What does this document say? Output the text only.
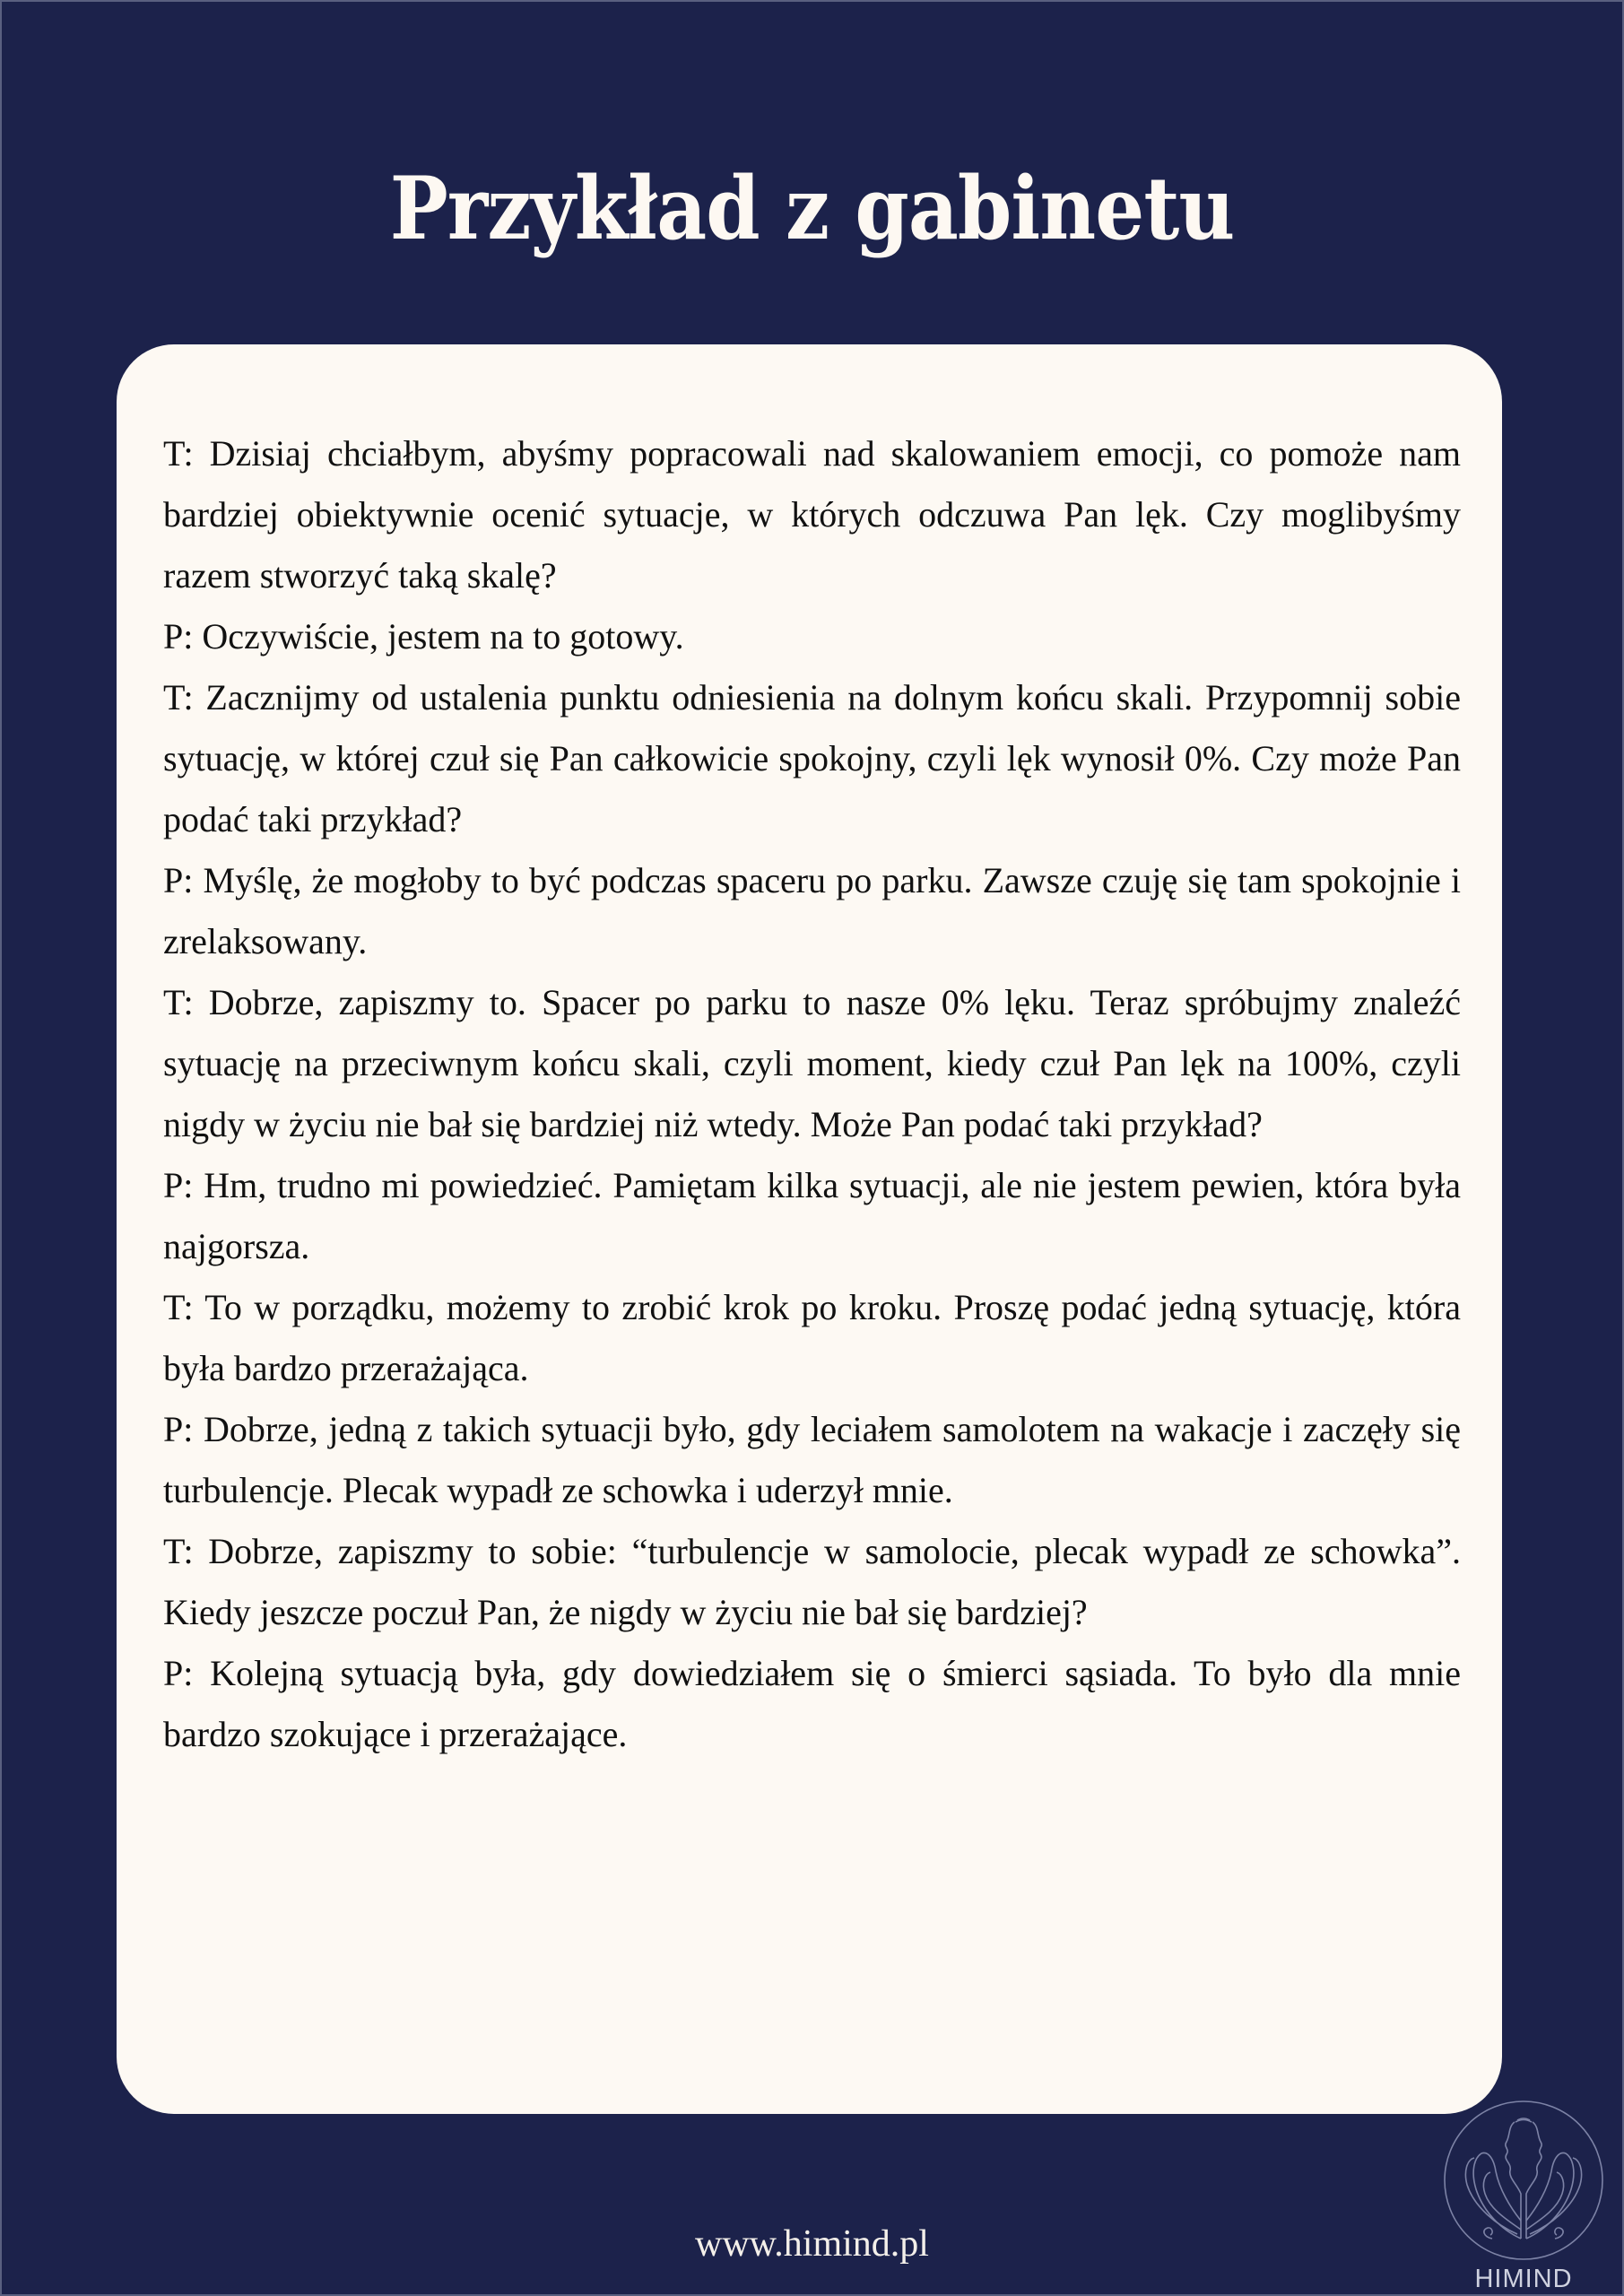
Przykład z gabinetu

T: Dzisiaj chciałbym, abyśmy popracowali nad skalowaniem emocji, co pomoże nam bardziej obiektywnie ocenić sytuacje, w których odczuwa Pan lęk. Czy moglibyśmy razem stworzyć taką skalę?

P: Oczywiście, jestem na to gotowy.

T: Zacznijmy od ustalenia punktu odniesienia na dolnym końcu skali. Przypomnij sobie sytuację, w której czuł się Pan całkowicie spokojny, czyli lęk wynosił 0%. Czy może Pan podać taki przykład?

P: Myślę, że mogłoby to być podczas spaceru po parku. Zawsze czuję się tam spokojnie i zrelaksowany.

T: Dobrze, zapiszmy to. Spacer po parku to nasze 0% lęku. Teraz spróbujmy znaleźć sytuację na przeciwnym końcu skali, czyli moment, kiedy czuł Pan lęk na 100%, czyli nigdy w życiu nie bał się bardziej niż wtedy. Może Pan podać taki przykład?

P: Hm, trudno mi powiedzieć. Pamiętam kilka sytuacji, ale nie jestem pewien, która była najgorsza.

T: To w porządku, możemy to zrobić krok po kroku. Proszę podać jedną sytuację, która była bardzo przerażająca.

P: Dobrze, jedną z takich sytuacji było, gdy leciałem samolotem na wakacje i zaczęły się turbulencje. Plecak wypadł ze schowka i uderzył mnie.

T: Dobrze, zapiszmy to sobie: “turbulencje w samolocie, plecak wypadł ze schowka”. Kiedy jeszcze poczuł Pan, że nigdy w życiu nie bał się bardziej?

P: Kolejną sytuacją była, gdy dowiedziałem się o śmierci sąsiada. To było dla mnie bardzo szokujące i przerażające.

www.himind.pl
HIMIND
